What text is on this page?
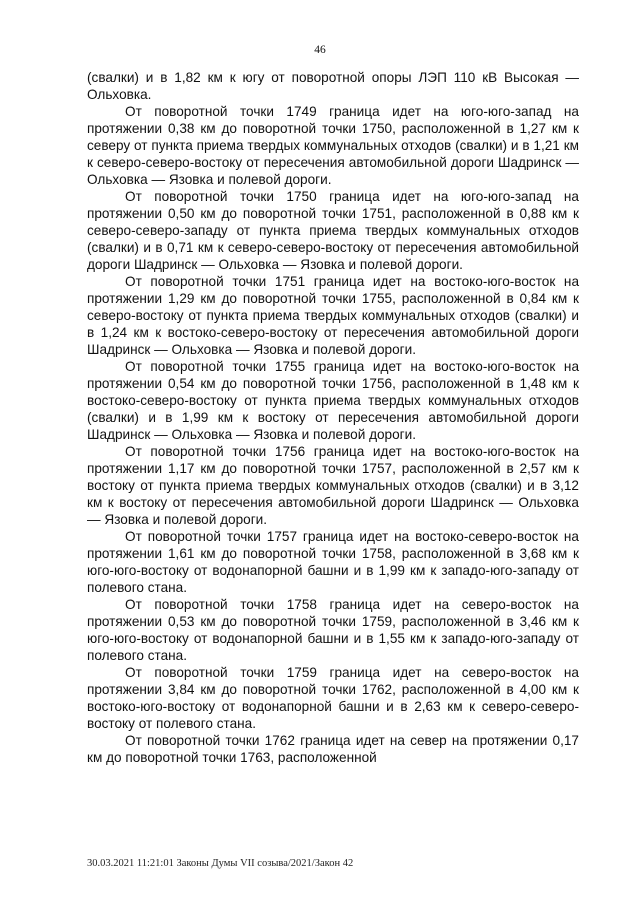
46

(свалки) и в 1,82 км к югу от поворотной опоры ЛЭП 110 кВ Высокая — Ольховка.

От поворотной точки 1749 граница идет на юго-юго-запад на протяжении 0,38 км до поворотной точки 1750, расположенной в 1,27 км к северу от пункта приема твердых коммунальных отходов (свалки) и в 1,21 км к северо-северо-востоку от пересечения автомобильной дороги Шадринск — Ольховка — Язовка и полевой дороги.

От поворотной точки 1750 граница идет на юго-юго-запад на протяжении 0,50 км до поворотной точки 1751, расположенной в 0,88 км к северо-северо-западу от пункта приема твердых коммунальных отходов (свалки) и в 0,71 км к северо-северо-востоку от пересечения автомобильной дороги Шадринск — Ольховка — Язовка и полевой дороги.

От поворотной точки 1751 граница идет на востоко-юго-восток на протяжении 1,29 км до поворотной точки 1755, расположенной в 0,84 км к северо-востоку от пункта приема твердых коммунальных отходов (свалки) и в 1,24 км к востоко-северо-востоку от пересечения автомобильной дороги Шадринск — Ольховка — Язовка и полевой дороги.

От поворотной точки 1755 граница идет на востоко-юго-восток на протяжении 0,54 км до поворотной точки 1756, расположенной в 1,48 км к востоко-северо-востоку от пункта приема твердых коммунальных отходов (свалки) и в 1,99 км к востоку от пересечения автомобильной дороги Шадринск — Ольховка — Язовка и полевой дороги.

От поворотной точки 1756 граница идет на востоко-юго-восток на протяжении 1,17 км до поворотной точки 1757, расположенной в 2,57 км к востоку от пункта приема твердых коммунальных отходов (свалки) и в 3,12 км к востоку от пересечения автомобильной дороги Шадринск — Ольховка — Язовка и полевой дороги.

От поворотной точки 1757 граница идет на востоко-северо-восток на протяжении 1,61 км до поворотной точки 1758, расположенной в 3,68 км к юго-юго-востоку от водонапорной башни и в 1,99 км к западо-юго-западу от полевого стана.

От поворотной точки 1758 граница идет на северо-восток на протяжении 0,53 км до поворотной точки 1759, расположенной в 3,46 км к юго-юго-востоку от водонапорной башни и в 1,55 км к западо-юго-западу от полевого стана.

От поворотной точки 1759 граница идет на северо-восток на протяжении 3,84 км до поворотной точки 1762, расположенной в 4,00 км к востоко-юго-востоку от водонапорной башни и в 2,63 км к северо-северо-востоку от полевого стана.

От поворотной точки 1762 граница идет на север на протяжении 0,17 км до поворотной точки 1763, расположенной

30.03.2021 11:21:01 Законы Думы VII созыва/2021/Закон 42
